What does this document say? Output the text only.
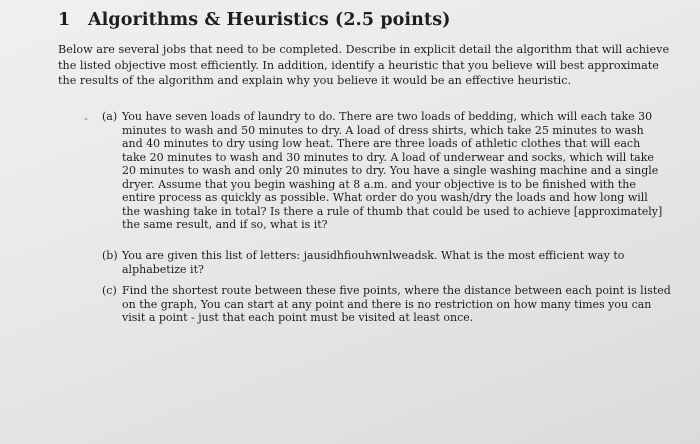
1 Algorithms & Heuristics (2.5 points)
Below are several jobs that need to be completed. Describe in explicit detail the algorithm that will achieve
the listed objective most efficiently. In addition, identify a heuristic that you believe will best approximate
the results of the algorithm and explain why you believe it would be an effective heuristic.
- (a) You have seven loads of laundry to do. There are two loads of bedding, which will each take 30
minutes to wash and 50 minutes to dry. A load of dress shirts, which take 25 minutes to wash
and 40 minutes to dry using low heat. There are three loads of athletic clothes that will each
take 20 minutes to wash and 30 minutes to dry. A load of underwear and socks, which will take
20 minutes to wash and only 20 minutes to dry. You have a single washing machine and a single
dryer. Assume that you begin washing at 8 a.m. and your objective is to be finished with the
entire process as quickly as possible. What order do you wash/dry the loads and how long will
the washing take in total? Is there a rule of thumb that could be used to achieve [approximately]
the same result, and if so, what is it?
(b) You are given this list of letters: jausidhfiouhwnlweadsk. What is the most efficient way to
alphabetize it?
(c) Find the shortest route between these five points, where the distance between each point is listed
on the graph, You can start at any point and there is no restriction on how many times you can
visit a point - just that each point must be visited at least once.
